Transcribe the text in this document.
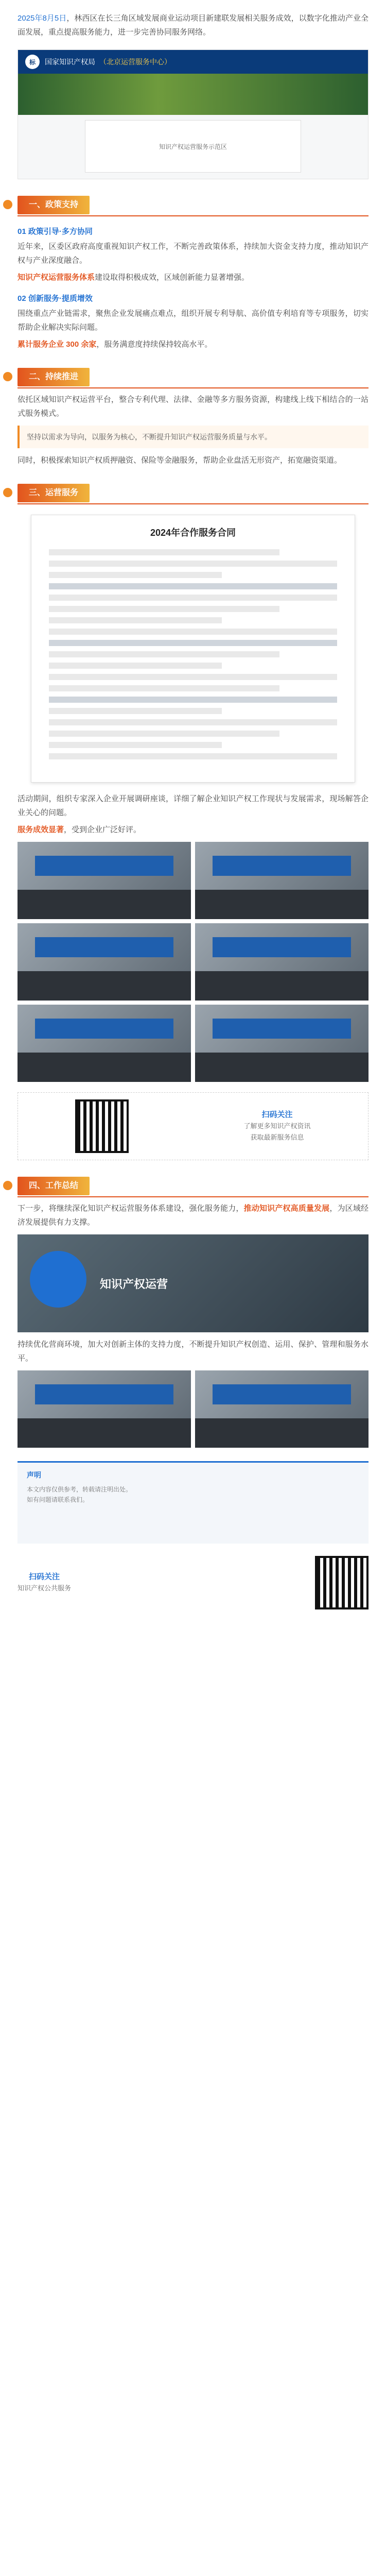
2025年8月5日，林西区在长三角区域发展商业运动项目新建联发展相关服务成效，以数字化推动产业全面发展，重点提高服务能力，进一步完善协同服务网络。
标	国家知识产权局 （北京运营服务中心）
知识产权运营服务示范区
一、政策支持
01 政策引导·多方协同
近年来，区委区政府高度重视知识产权工作，不断完善政策体系，持续加大资金支持力度，推动知识产权与产业深度融合。
知识产权运营服务体系建设取得积极成效，区域创新能力显著增强。
02 创新服务·提质增效
围绕重点产业链需求，聚焦企业发展痛点难点，组织开展专利导航、高价值专利培育等专项服务，切实帮助企业解决实际问题。
累计服务企业 300 余家，服务满意度持续保持较高水平。
二、持续推进
依托区域知识产权运营平台，整合专利代理、法律、金融等多方服务资源，构建线上线下相结合的一站式服务模式。
坚持以需求为导向，以服务为核心，不断提升知识产权运营服务质量与水平。
同时，积极探索知识产权质押融资、保险等金融服务，帮助企业盘活无形资产，拓宽融资渠道。
三、运营服务
2024年合作服务合同
活动期间，组织专家深入企业开展调研座谈，详细了解企业知识产权工作现状与发展需求，现场解答企业关心的问题。
服务成效显著，受到企业广泛好评。
扫码关注
了解更多知识产权资讯
获取最新服务信息
四、工作总结
下一步，将继续深化知识产权运营服务体系建设，强化服务能力，推动知识产权高质量发展，为区域经济发展提供有力支撑。
知识产权运营
持续优化营商环境，加大对创新主体的支持力度，不断提升知识产权创造、运用、保护、管理和服务水平。
声明
本文内容仅供参考，转载请注明出处。
如有问题请联系我们。
扫码关注
知识产权公共服务
